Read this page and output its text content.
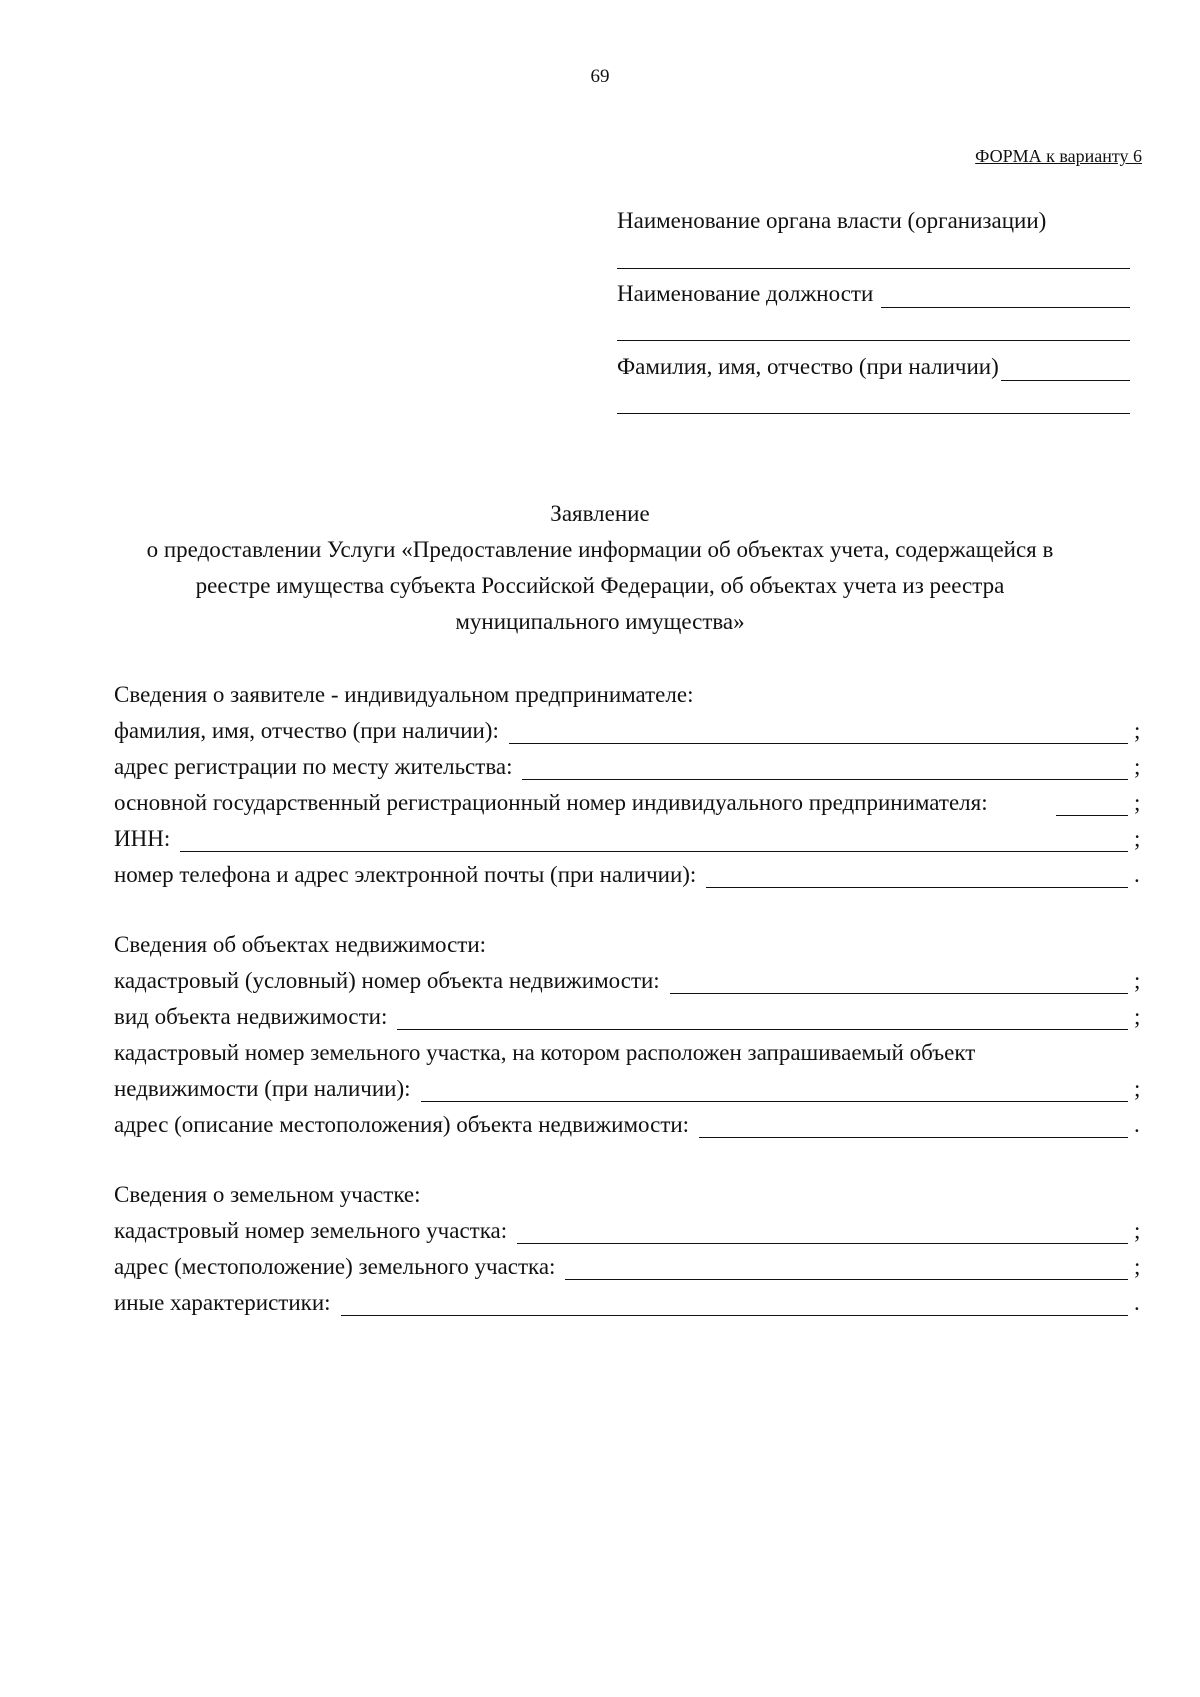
69
ФОРМА к варианту 6
Наименование органа власти (организации)
Наименование должности
Фамилия, имя, отчество (при наличии)
Заявление
о предоставлении Услуги «Предоставление информации об объектах учета, содержащейся в
реестре имущества субъекта Российской Федерации, об объектах учета из реестра
муниципального имущества»
Сведения о заявителе - индивидуальном предпринимателе:
фамилия, имя, отчество (при наличии):	;
адрес регистрации по месту жительства:	;
основной государственный регистрационный номер индивидуального предпринимателя:	;
ИНН:	;
номер телефона и адрес электронной почты (при наличии):	.
Сведения об объектах недвижимости:
кадастровый (условный) номер объекта недвижимости:	;
вид объекта недвижимости:	;
кадастровый номер земельного участка, на котором расположен запрашиваемый объект
недвижимости (при наличии):	;
адрес (описание местоположения) объекта недвижимости:	.
Сведения о земельном участке:
кадастровый номер земельного участка:	;
адрес (местоположение) земельного участка:	;
иные характеристики:	.
